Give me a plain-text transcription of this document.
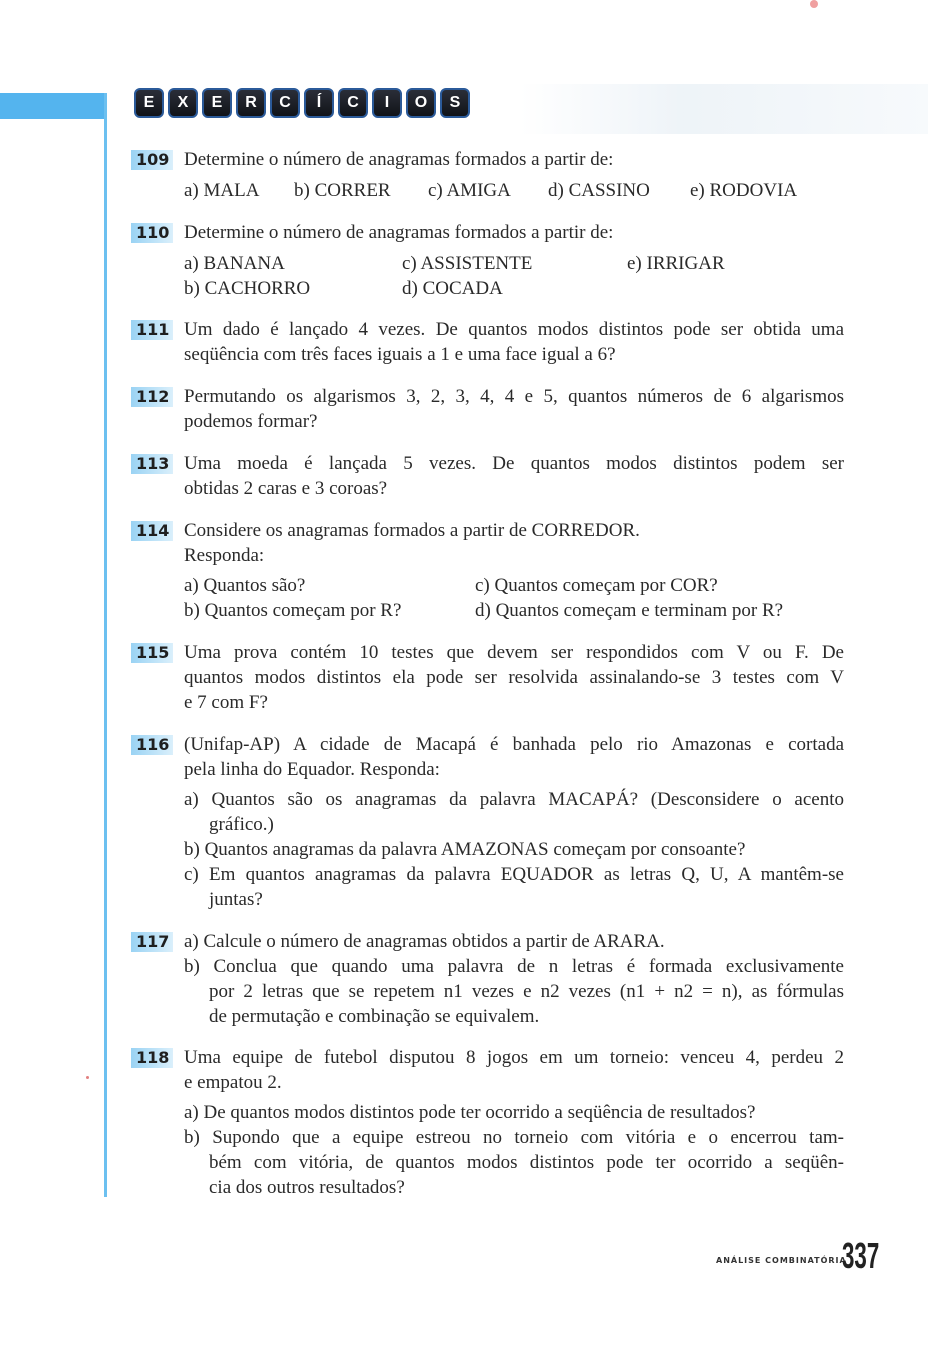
E	X	E	R	C	Í	C	I	O	S
109 Determine o número de anagramas formados a partir de:
a) MALA b) CORRER c) AMIGA d) CASSINO e) RODOVIA
110 Determine o número de anagramas formados a partir de:
a) BANANA	c) ASSISTENTE	e) IRRIGAR
b) CACHORRO	d) COCADA
111 Um dado é lançado 4 vezes. De quantos modos distintos pode ser obtida uma
seqüência com três faces iguais a 1 e uma face igual a 6?
112 Permutando os algarismos 3, 2, 3, 4, 4 e 5, quantos números de 6 algarismos
podemos formar?
113 Uma moeda é lançada 5 vezes. De quantos modos distintos podem ser
obtidas 2 caras e 3 coroas?
114 Considere os anagramas formados a partir de CORREDOR.
Responda:
a) Quantos são?	c) Quantos começam por COR?
b) Quantos começam por R?	d) Quantos começam e terminam por R?
115 Uma prova contém 10 testes que devem ser respondidos com V ou F. De
quantos modos distintos ela pode ser resolvida assinalando-se 3 testes com V
e 7 com F?
116 (Unifap-AP) A cidade de Macapá é banhada pelo rio Amazonas e cortada
pela linha do Equador. Responda:
a) Quantos são os anagramas da palavra MACAPÁ? (Desconsidere o acento
gráfico.)
b) Quantos anagramas da palavra AMAZONAS começam por consoante?
c) Em quantos anagramas da palavra EQUADOR as letras Q, U, A mantêm-se
juntas?
117 a) Calcule o número de anagramas obtidos a partir de ARARA.
b) Conclua que quando uma palavra de n letras é formada exclusivamente
por 2 letras que se repetem n1 vezes e n2 vezes (n1 + n2 = n), as fórmulas
de permutação e combinação se equivalem.
118 Uma equipe de futebol disputou 8 jogos em um torneio: venceu 4, perdeu 2
e empatou 2.
a) De quantos modos distintos pode ter ocorrido a seqüência de resultados?
b) Supondo que a equipe estreou no torneio com vitória e o encerrou tam-
bém com vitória, de quantos modos distintos pode ter ocorrido a seqüên-
cia dos outros resultados?
ANÁLISE COMBINATÓRIA
337
